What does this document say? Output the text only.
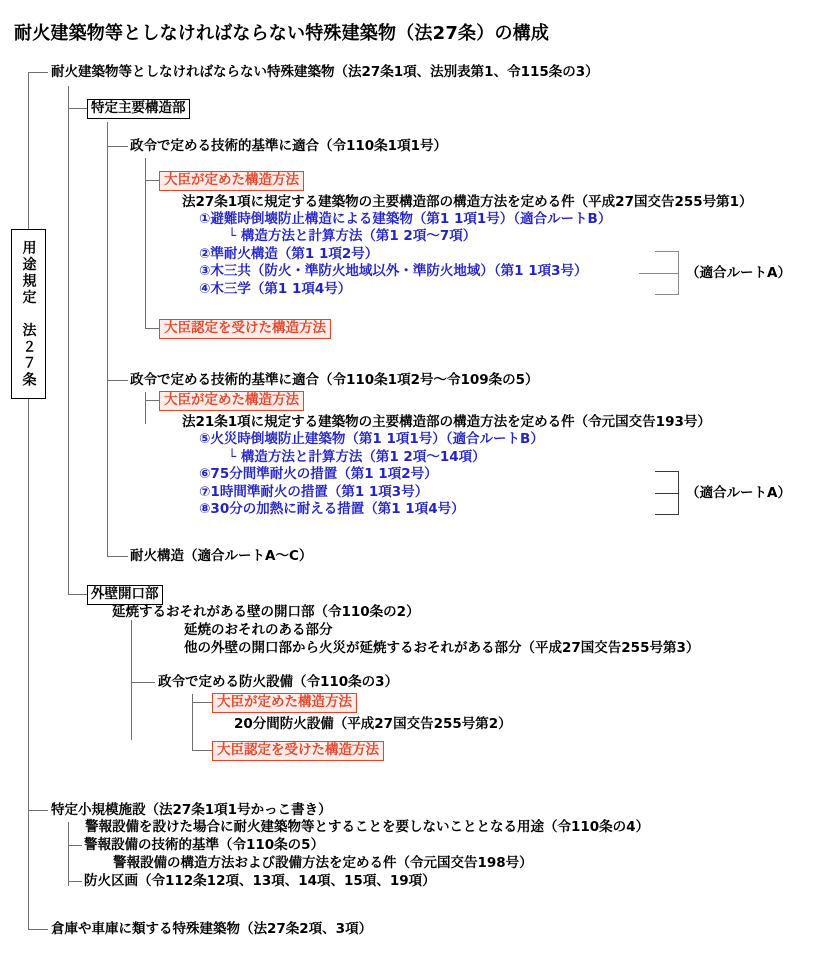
耐火建築物等としなければならない特殊建築物（法27条）の構成
用途規定　法２７条
耐火建築物等としなければならない特殊建築物（法27条1項、法別表第1、令115条の3）
特定主要構造部
政令で定める技術的基準に適合（令110条1項1号）
大臣が定めた構造方法
法27条1項に規定する建築物の主要構造部の構造方法を定める件（平成27国交告255号第1）
①避難時倒壊防止構造による建築物（第1 1項1号）（適合ルートB）
└ 構造方法と計算方法（第1 2項〜7項）
②準耐火構造（第1 1項2号）
③木三共（防火・準防火地域以外・準防火地域）（第1 1項3号）
④木三学（第1 1項4号）
（適合ルートA）
大臣認定を受けた構造方法
政令で定める技術的基準に適合（令110条1項2号〜令109条の5）
大臣が定めた構造方法
法21条1項に規定する建築物の主要構造部の構造方法を定める件（令元国交告193号）
⑤火災時倒壊防止建築物（第1 1項1号）（適合ルートB）
└ 構造方法と計算方法（第1 2項〜14項）
⑥75分間準耐火の措置（第1 1項2号）
⑦1時間準耐火の措置（第1 1項3号）
⑧30分の加熱に耐える措置（第1 1項4号）
（適合ルートA）
耐火構造（適合ルートA〜C）
外壁開口部
延焼するおそれがある壁の開口部（令110条の2）
延焼のおそれのある部分
他の外壁の開口部から火災が延焼するおそれがある部分（平成27国交告255号第3）
政令で定める防火設備（令110条の3）
大臣が定めた構造方法
20分間防火設備（平成27国交告255号第2）
大臣認定を受けた構造方法
特定小規模施設（法27条1項1号かっこ書き）
警報設備を設けた場合に耐火建築物等とすることを要しないこととなる用途（令110条の4）
警報設備の技術的基準（令110条の5）
警報設備の構造方法および設備方法を定める件（令元国交告198号）
防火区画（令112条12項、13項、14項、15項、19項）
倉庫や車庫に類する特殊建築物（法27条2項、3項）
